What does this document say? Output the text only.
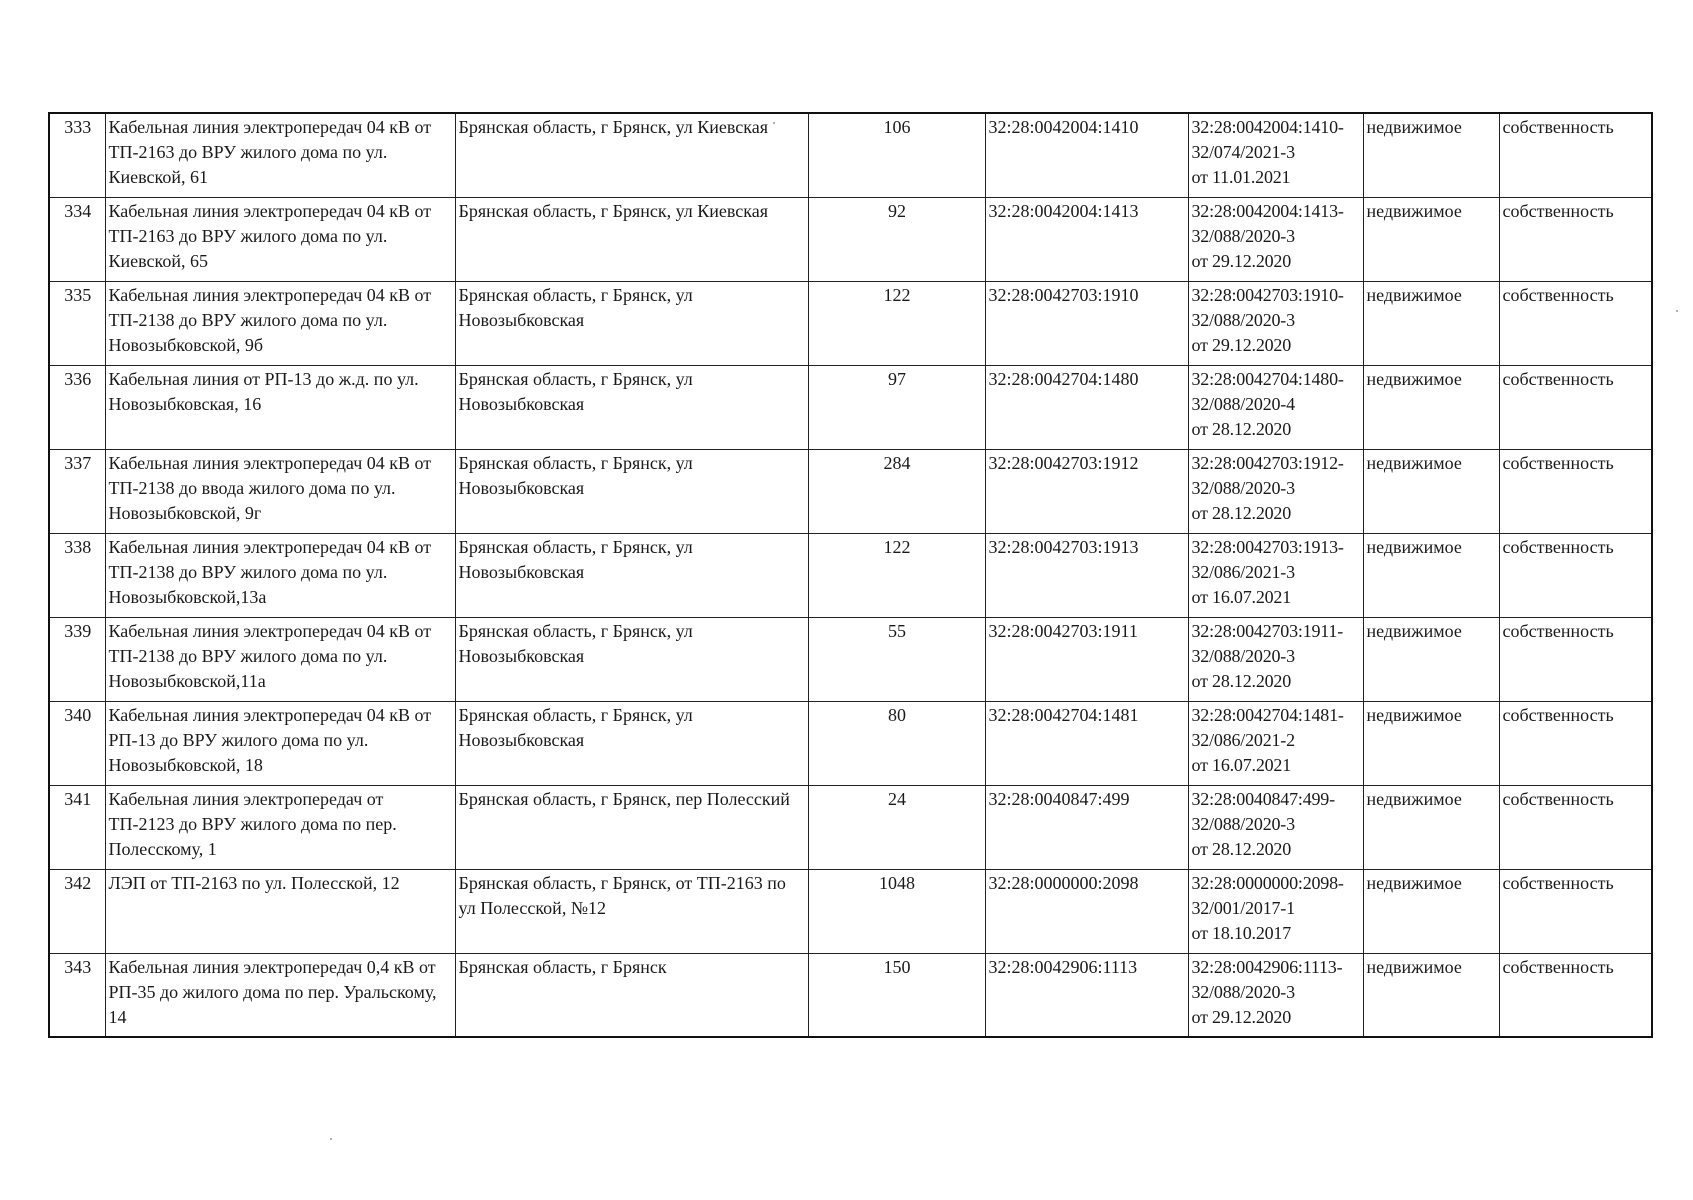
333	Кабельная линия электропередач 04 кВ от ТП-2163 до ВРУ жилого дома по ул. Киевской, 61	Брянская область, г Брянск, ул Киевская	106	32:28:0042004:1410	32:28:0042004:1410-
32/074/2021-3
от 11.01.2021	недвижимое	собственность
334	Кабельная линия электропередач 04 кВ от ТП-2163 до ВРУ жилого дома по ул. Киевской, 65	Брянская область, г Брянск, ул Киевская	92	32:28:0042004:1413	32:28:0042004:1413-
32/088/2020-3
от 29.12.2020	недвижимое	собственность
335	Кабельная линия электропередач 04 кВ от ТП-2138 до ВРУ жилого дома по ул. Новозыбковской, 9б	Брянская область, г Брянск, ул Новозыбковская	122	32:28:0042703:1910	32:28:0042703:1910-
32/088/2020-3
от 29.12.2020	недвижимое	собственность
336	Кабельная линия от РП-13 до ж.д. по ул. Новозыбковская, 16	Брянская область, г Брянск, ул Новозыбковская	97	32:28:0042704:1480	32:28:0042704:1480-
32/088/2020-4
от 28.12.2020	недвижимое	собственность
337	Кабельная линия электропередач 04 кВ от ТП-2138 до ввода жилого дома по ул. Новозыбковской, 9г	Брянская область, г Брянск, ул Новозыбковская	284	32:28:0042703:1912	32:28:0042703:1912-
32/088/2020-3
от 28.12.2020	недвижимое	собственность
338	Кабельная линия электропередач 04 кВ от ТП-2138 до ВРУ жилого дома по ул. Новозыбковской,13а	Брянская область, г Брянск, ул Новозыбковская	122	32:28:0042703:1913	32:28:0042703:1913-
32/086/2021-3
от 16.07.2021	недвижимое	собственность
339	Кабельная линия электропередач 04 кВ от ТП-2138 до ВРУ жилого дома по ул. Новозыбковской,11а	Брянская область, г Брянск, ул Новозыбковская	55	32:28:0042703:1911	32:28:0042703:1911-
32/088/2020-3
от 28.12.2020	недвижимое	собственность
340	Кабельная линия электропередач 04 кВ от РП-13 до ВРУ жилого дома по ул. Новозыбковской, 18	Брянская область, г Брянск, ул Новозыбковская	80	32:28:0042704:1481	32:28:0042704:1481-
32/086/2021-2
от 16.07.2021	недвижимое	собственность
341	Кабельная линия электропередач от ТП-2123 до ВРУ жилого дома по пер. Полесскому, 1	Брянская область, г Брянск, пер Полесский	24	32:28:0040847:499	32:28:0040847:499-
32/088/2020-3
от 28.12.2020	недвижимое	собственность
342	ЛЭП от ТП-2163 по ул. Полесской, 12	Брянская область, г Брянск, от ТП-2163 по ул Полесской, №12	1048	32:28:0000000:2098	32:28:0000000:2098-
32/001/2017-1
от 18.10.2017	недвижимое	собственность
343	Кабельная линия электропередач 0,4 кВ от РП-35 до жилого дома по пер. Уральскому, 14	Брянская область, г Брянск	150	32:28:0042906:1113	32:28:0042906:1113-
32/088/2020-3
от 29.12.2020	недвижимое	собственность
